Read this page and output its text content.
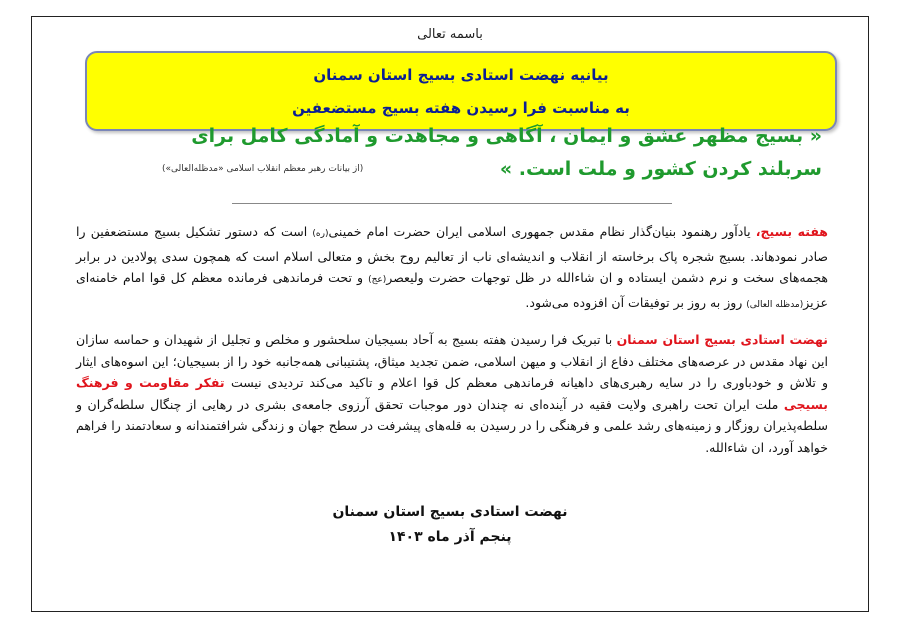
باسمه تعالی
بیانیه نهضت استادی بسیج استان سمنان
به مناسبت فرا رسیدن هفته بسیج مستضعفین
« بسیج مظهر عشق و ایمان ، آگاهی و مجاهدت و آمادگی کامل برای
سربلند کردن کشور و ملت است. »
(از بیانات رهبر معظم انقلاب اسلامی «مدظله‌العالی»)
هفته بسیج، یادآور رهنمود بنیان‌گذار نظام مقدس جمهوری اسلامی ایران حضرت امام خمینی(ره) است که دستور تشکیل بسیج مستضعفین را صادر نمودهاند. بسیج شجره پاک برخاسته از انقلاب و اندیشه‌ای ناب از تعالیم روح بخش و متعالی اسلام است که همچون سدی پولادین در برابر هجمه‌های سخت و نرم دشمن ایستاده و ان شاءالله در ظل توجهات حضرت ولیعصر(عج) و تحت فرماندهی فرمانده معظم کل قوا امام خامنه‌ای عزیز(مدظله العالی) روز به روز بر توفیقات آن افزوده می‌شود.
نهضت استادی بسیج استان سمنان با تبریک فرا رسیدن هفته بسیج به آحاد بسیجیان سلحشور و مخلص و تجلیل از شهیدان و حماسه سازان این نهاد مقدس در عرصه‌های مختلف دفاع از انقلاب و میهن اسلامی، ضمن تجدید میثاق، پشتیبانی همه‌جانبه خود را از بسیجیان؛ این اسوه‌های ایثار و تلاش و خودباوری را در سایه رهبری‌های داهیانه فرماندهی معظم کل قوا اعلام و تاکید می‌کند تردیدی نیست تفکر مقاومت و فرهنگ بسیجی ملت ایران تحت راهبری ولایت فقیه در آینده‌ای نه چندان دور موجبات تحقق آرزوی جامعه‌ی بشری در رهایی از چنگال سلطه‌گران و سلطه‌پذیران روزگار و زمینه‌های رشد علمی و فرهنگی را در رسیدن به قله‌های پیشرفت در سطح جهان و زندگی شرافتمندانه و سعادتمند را فراهم خواهد آورد، ان شاءالله.
نهضت استادی بسیج استان سمنان
پنجم آذر ماه ۱۴۰۳
